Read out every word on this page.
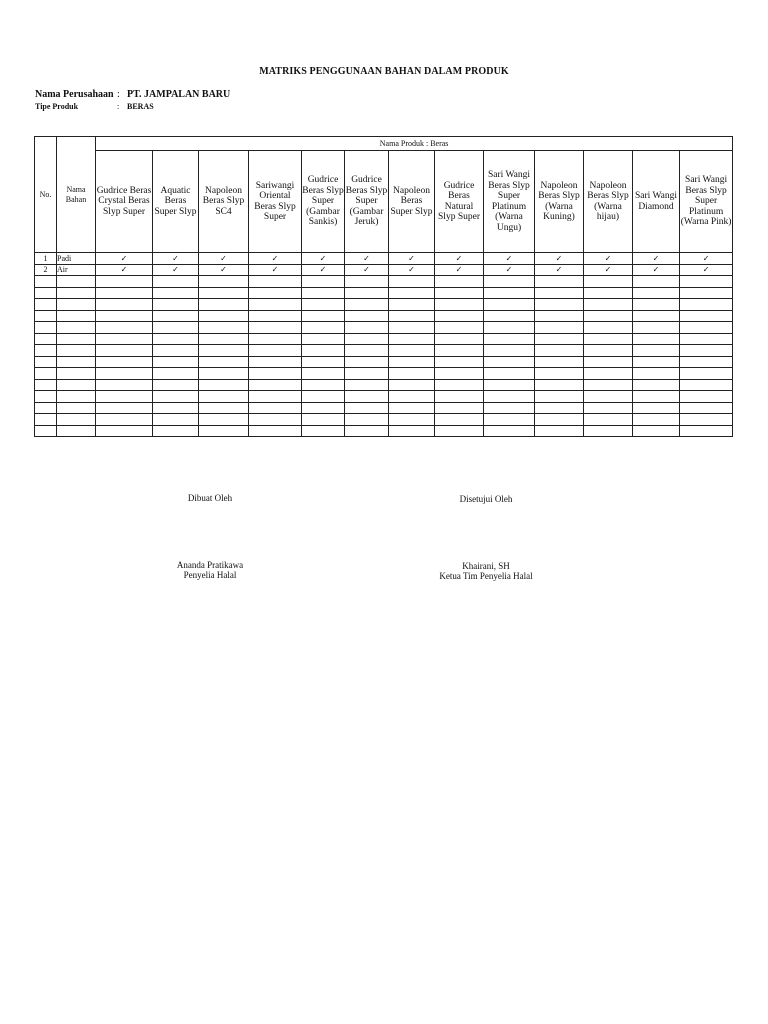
MATRIKS PENGGUNAAN BAHAN DALAM PRODUK
Nama Perusahaan : PT. JAMPALAN BARU
Tipe Produk	: BERAS
No.	Nama Bahan	Nama Produk : Beras												
		Gudrice Beras Crystal Beras Slyp Super	Aquatic Beras Super Slyp	Napoleon Beras Slyp SC4	Sariwangi Oriental Beras Slyp Super	Gudrice Beras Slyp Super (Gambar Sankis)	Gudrice Beras Slyp Super (Gambar Jeruk)	Napoleon Beras Super Slyp	Gudrice Beras Natural Slyp Super	Sari Wangi Beras Slyp Super Platinum (Warna Ungu)	Napoleon Beras Slyp (Warna Kuning)	Napoleon Beras Slyp (Warna hijau)	Sari Wangi Diamond	Sari Wangi Beras Slyp Super Platinum (Warna Pink)
1	Padi	✓	✓	✓	✓	✓	✓	✓	✓	✓	✓	✓	✓	✓
2	Air	✓	✓	✓	✓	✓	✓	✓	✓	✓	✓	✓	✓	✓

Dibuat Oleh	Disetujui Oleh
Ananda Pratikawa
Penyelia Halal
Khairani, SH
Ketua Tim Penyelia Halal
